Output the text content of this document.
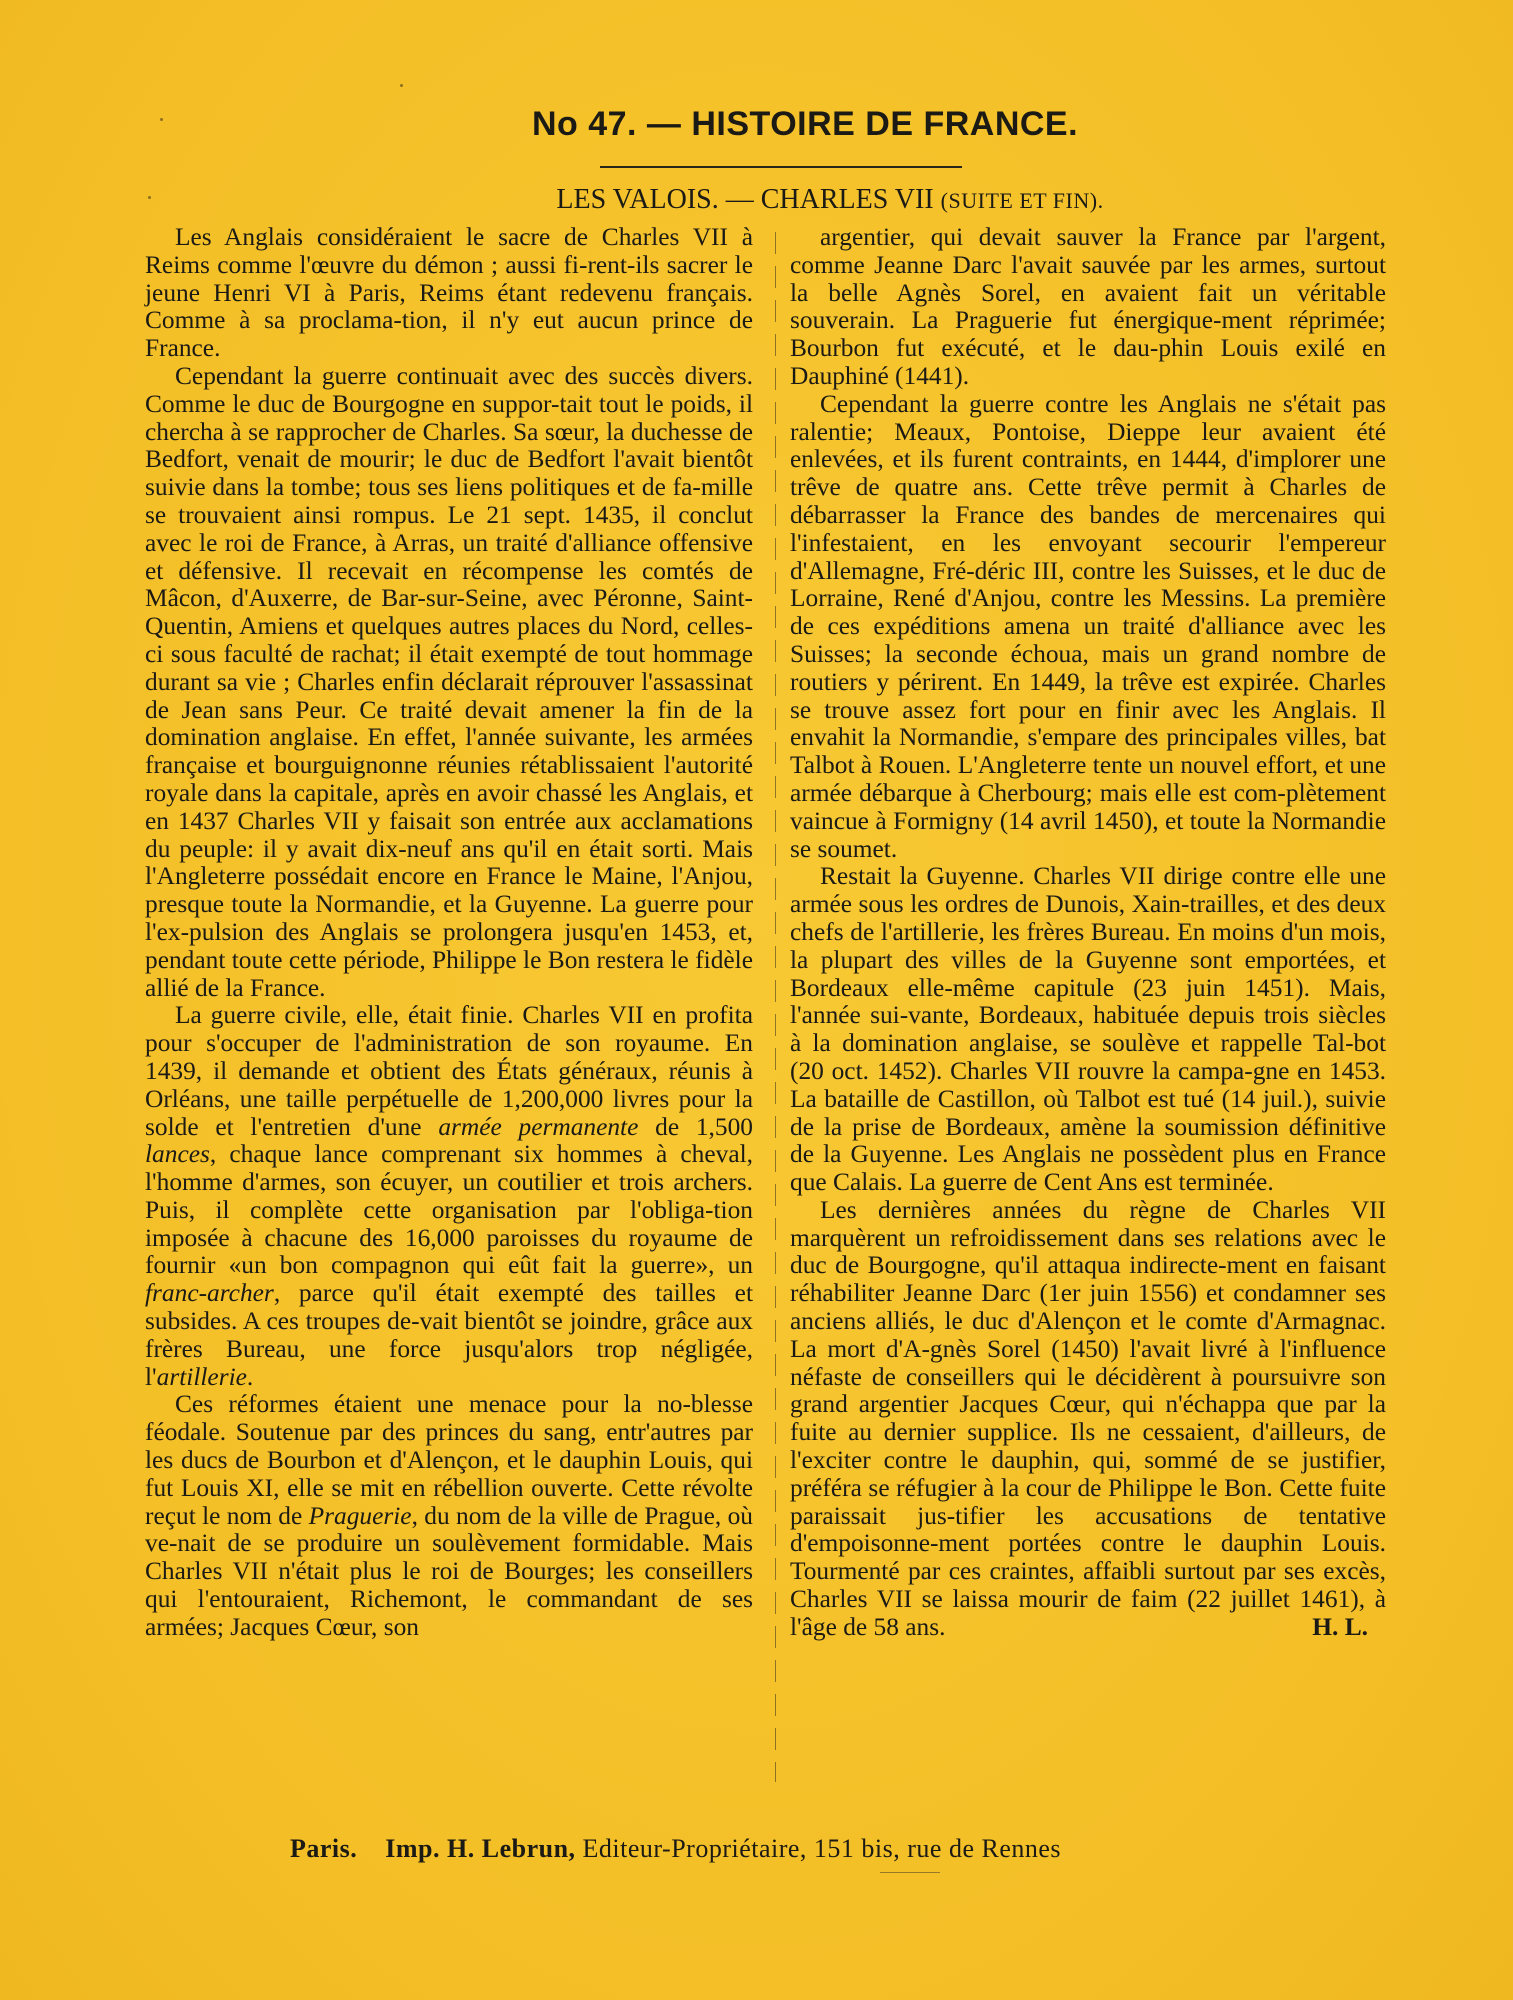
No 47. — HISTOIRE DE FRANCE.
LES VALOIS. — CHARLES VII (SUITE ET FIN).

Les Anglais considéraient le sacre de Charles VII à Reims comme l'œuvre du démon ; aussi fi-rent-ils sacrer le jeune Henri VI à Paris, Reims étant redevenu français. Comme à sa proclama-tion, il n'y eut aucun prince de France.

Cependant la guerre continuait avec des succès divers. Comme le duc de Bourgogne en suppor-tait tout le poids, il chercha à se rapprocher de Charles. Sa sœur, la duchesse de Bedfort, venait de mourir; le duc de Bedfort l'avait bientôt suivie dans la tombe; tous ses liens politiques et de fa-mille se trouvaient ainsi rompus. Le 21 sept. 1435, il conclut avec le roi de France, à Arras, un traité d'alliance offensive et défensive. Il recevait en récompense les comtés de Mâcon, d'Auxerre, de Bar-sur-Seine, avec Péronne, Saint-Quentin, Amiens et quelques autres places du Nord, celles-ci sous faculté de rachat; il était exempté de tout hommage durant sa vie ; Charles enfin déclarait réprouver l'assassinat de Jean sans Peur. Ce traité devait amener la fin de la domination anglaise. En effet, l'année suivante, les armées française et bourguignonne réunies rétablissaient l'autorité royale dans la capitale, après en avoir chassé les Anglais, et en 1437 Charles VII y faisait son entrée aux acclamations du peuple: il y avait dix-neuf ans qu'il en était sorti. Mais l'Angleterre possédait encore en France le Maine, l'Anjou, presque toute la Normandie, et la Guyenne. La guerre pour l'ex-pulsion des Anglais se prolongera jusqu'en 1453, et, pendant toute cette période, Philippe le Bon restera le fidèle allié de la France.

La guerre civile, elle, était finie. Charles VII en profita pour s'occuper de l'administration de son royaume. En 1439, il demande et obtient des États généraux, réunis à Orléans, une taille perpétuelle de 1,200,000 livres pour la solde et l'entretien d'une armée permanente de 1,500 lances, chaque lance comprenant six hommes à cheval, l'homme d'armes, son écuyer, un coutilier et trois archers. Puis, il complète cette organisation par l'obliga-tion imposée à chacune des 16,000 paroisses du royaume de fournir «un bon compagnon qui eût fait la guerre», un franc-archer, parce qu'il était exempté des tailles et subsides. A ces troupes de-vait bientôt se joindre, grâce aux frères Bureau, une force jusqu'alors trop négligée, l'artillerie.

Ces réformes étaient une menace pour la no-blesse féodale. Soutenue par des princes du sang, entr'autres par les ducs de Bourbon et d'Alençon, et le dauphin Louis, qui fut Louis XI, elle se mit en rébellion ouverte. Cette révolte reçut le nom de Praguerie, du nom de la ville de Prague, où ve-nait de se produire un soulèvement formidable. Mais Charles VII n'était plus le roi de Bourges; les conseillers qui l'entouraient, Richemont, le commandant de ses armées; Jacques Cœur, son

argentier, qui devait sauver la France par l'argent, comme Jeanne Darc l'avait sauvée par les armes, surtout la belle Agnès Sorel, en avaient fait un véritable souverain. La Praguerie fut énergique-ment réprimée; Bourbon fut exécuté, et le dau-phin Louis exilé en Dauphiné (1441).

Cependant la guerre contre les Anglais ne s'était pas ralentie; Meaux, Pontoise, Dieppe leur avaient été enlevées, et ils furent contraints, en 1444, d'implorer une trêve de quatre ans. Cette trêve permit à Charles de débarrasser la France des bandes de mercenaires qui l'infestaient, en les envoyant secourir l'empereur d'Allemagne, Fré-déric III, contre les Suisses, et le duc de Lorraine, René d'Anjou, contre les Messins. La première de ces expéditions amena un traité d'alliance avec les Suisses; la seconde échoua, mais un grand nombre de routiers y périrent. En 1449, la trêve est expirée. Charles se trouve assez fort pour en finir avec les Anglais. Il envahit la Normandie, s'empare des principales villes, bat Talbot à Rouen. L'Angleterre tente un nouvel effort, et une armée débarque à Cherbourg; mais elle est com-plètement vaincue à Formigny (14 avril 1450), et toute la Normandie se soumet.

Restait la Guyenne. Charles VII dirige contre elle une armée sous les ordres de Dunois, Xain-trailles, et des deux chefs de l'artillerie, les frères Bureau. En moins d'un mois, la plupart des villes de la Guyenne sont emportées, et Bordeaux elle-même capitule (23 juin 1451). Mais, l'année sui-vante, Bordeaux, habituée depuis trois siècles à la domination anglaise, se soulève et rappelle Tal-bot (20 oct. 1452). Charles VII rouvre la campa-gne en 1453. La bataille de Castillon, où Talbot est tué (14 juil.), suivie de la prise de Bordeaux, amène la soumission définitive de la Guyenne. Les Anglais ne possèdent plus en France que Calais. La guerre de Cent Ans est terminée.

Les dernières années du règne de Charles VII marquèrent un refroidissement dans ses relations avec le duc de Bourgogne, qu'il attaqua indirecte-ment en faisant réhabiliter Jeanne Darc (1er juin 1556) et condamner ses anciens alliés, le duc d'Alençon et le comte d'Armagnac. La mort d'A-gnès Sorel (1450) l'avait livré à l'influence néfaste de conseillers qui le décidèrent à poursuivre son grand argentier Jacques Cœur, qui n'échappa que par la fuite au dernier supplice. Ils ne cessaient, d'ailleurs, de l'exciter contre le dauphin, qui, sommé de se justifier, préféra se réfugier à la cour de Philippe le Bon. Cette fuite paraissait jus-tifier les accusations de tentative d'empoisonne-ment portées contre le dauphin Louis. Tourmenté par ces craintes, affaibli surtout par ses excès, Charles VII se laissa mourir de faim (22 juillet 1461), à l'âge de 58 ans.	H. L.

Paris. Imp. H. Lebrun, Editeur-Propriétaire, 151 bis, rue de Rennes
